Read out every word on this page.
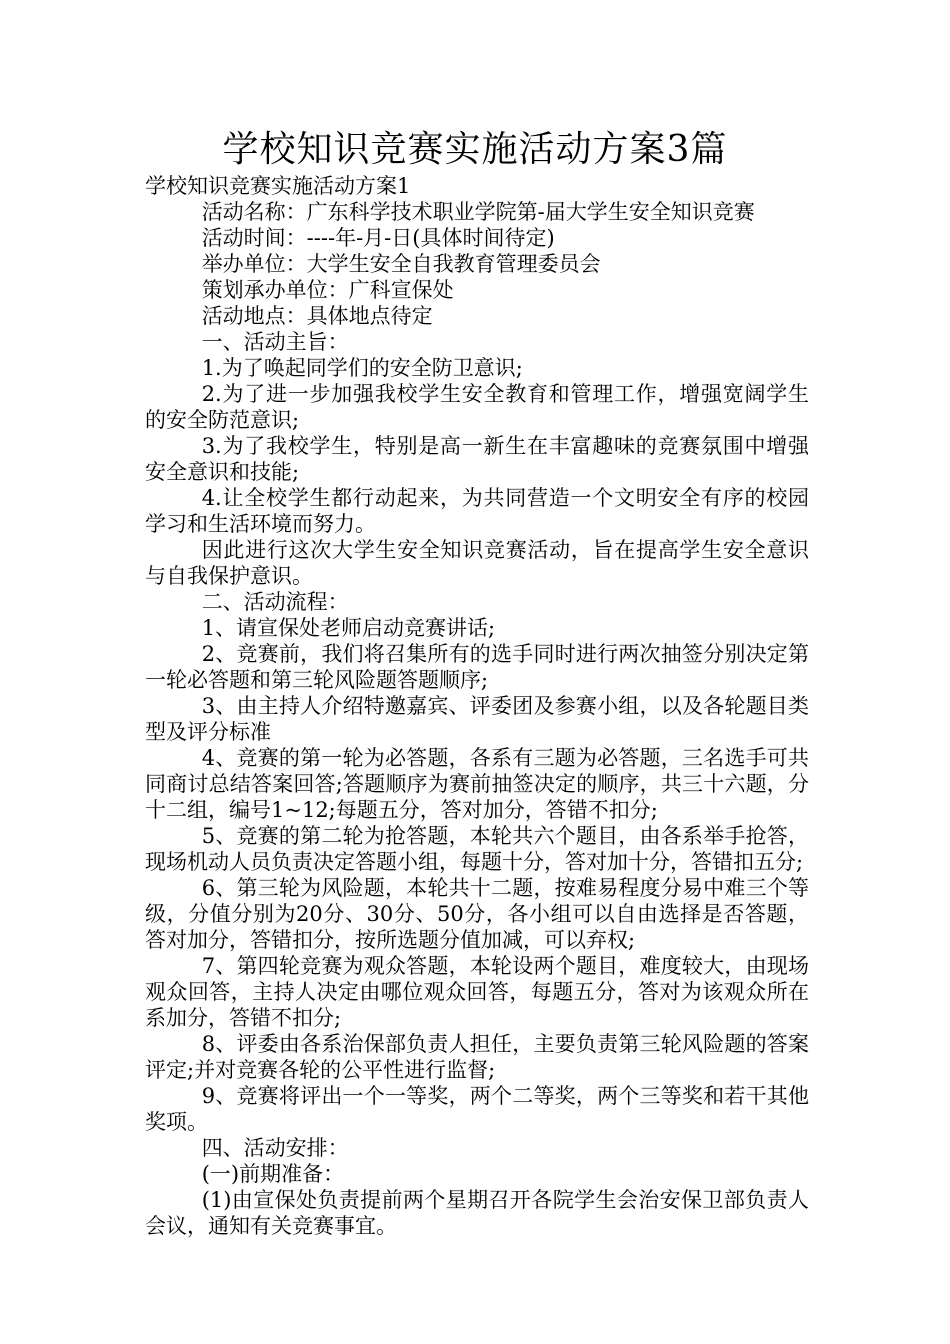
学校知识竞赛实施活动方案3篇

学校知识竞赛实施活动方案1

活动名称：广东科学技术职业学院第-届大学生安全知识竞赛

活动时间：----年-月-日(具体时间待定)

举办单位：大学生安全自我教育管理委员会

策划承办单位：广科宣保处

活动地点：具体地点待定

一、活动主旨：

1.为了唤起同学们的安全防卫意识;

2.为了进一步加强我校学生安全教育和管理工作，增强宽阔学生的安全防范意识;

3.为了我校学生，特别是高一新生在丰富趣味的竞赛氛围中增强安全意识和技能;

4.让全校学生都行动起来，为共同营造一个文明安全有序的校园学习和生活环境而努力。

因此进行这次大学生安全知识竞赛活动，旨在提高学生安全意识与自我保护意识。

二、活动流程：

1、请宣保处老师启动竞赛讲话;

2、竞赛前，我们将召集所有的选手同时进行两次抽签分别决定第一轮必答题和第三轮风险题答题顺序;

3、由主持人介绍特邀嘉宾、评委团及参赛小组，以及各轮题目类型及评分标准

4、竞赛的第一轮为必答题，各系有三题为必答题，三名选手可共同商讨总结答案回答;答题顺序为赛前抽签决定的顺序，共三十六题，分十二组，编号1~12;每题五分，答对加分，答错不扣分;

5、竞赛的第二轮为抢答题，本轮共六个题目，由各系举手抢答，现场机动人员负责决定答题小组，每题十分，答对加十分，答错扣五分;

6、第三轮为风险题，本轮共十二题，按难易程度分易中难三个等级，分值分别为20分、30分、50分，各小组可以自由选择是否答题，答对加分，答错扣分，按所选题分值加减，可以弃权;

7、第四轮竞赛为观众答题，本轮设两个题目，难度较大，由现场观众回答，主持人决定由哪位观众回答，每题五分，答对为该观众所在系加分，答错不扣分;

8、评委由各系治保部负责人担任，主要负责第三轮风险题的答案评定;并对竞赛各轮的公平性进行监督;

9、竞赛将评出一个一等奖，两个二等奖，两个三等奖和若干其他奖项。

四、活动安排：

(一)前期准备：

(1)由宣保处负责提前两个星期召开各院学生会治安保卫部负责人会议，通知有关竞赛事宜。
